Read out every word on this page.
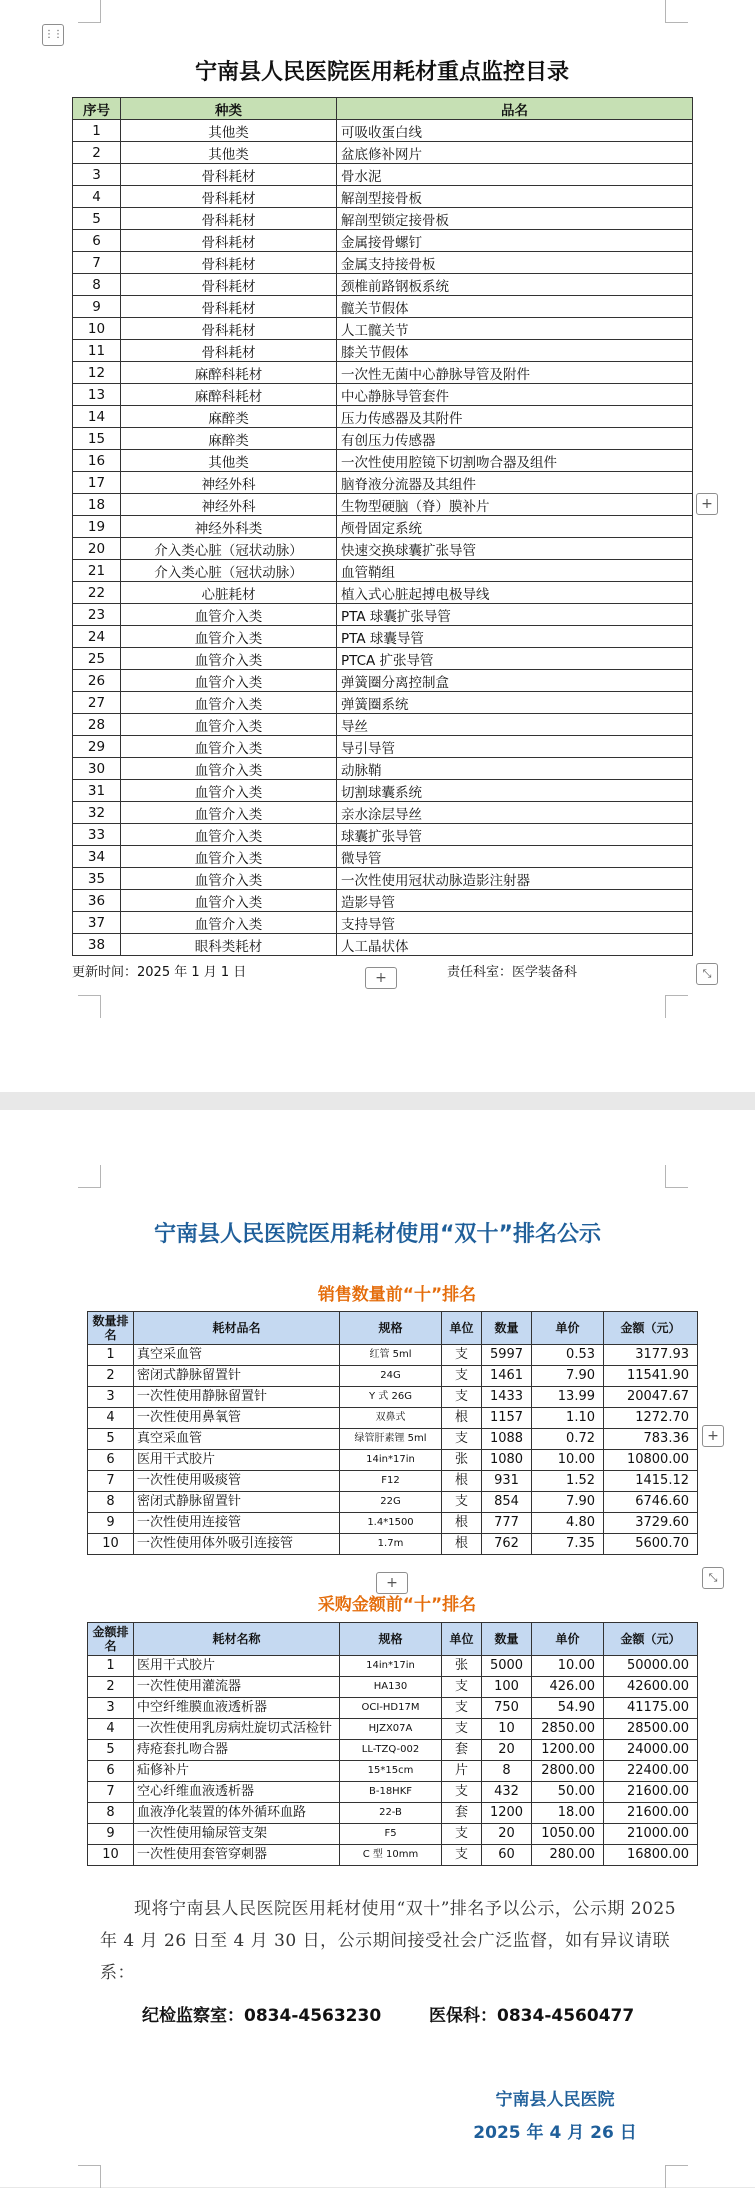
⋮⋮
宁南县人民医院医用耗材重点监控目录
序号	种类	品名
1	其他类	可吸收蛋白线
2	其他类	盆底修补网片
3	骨科耗材	骨水泥
4	骨科耗材	解剖型接骨板
5	骨科耗材	解剖型锁定接骨板
6	骨科耗材	金属接骨螺钉
7	骨科耗材	金属支持接骨板
8	骨科耗材	颈椎前路钢板系统
9	骨科耗材	髋关节假体
10	骨科耗材	人工髋关节
11	骨科耗材	膝关节假体
12	麻醉科耗材	一次性无菌中心静脉导管及附件
13	麻醉科耗材	中心静脉导管套件
14	麻醉类	压力传感器及其附件
15	麻醉类	有创压力传感器
16	其他类	一次性使用腔镜下切割吻合器及组件
17	神经外科	脑脊液分流器及其组件
18	神经外科	生物型硬脑（脊）膜补片
19	神经外科类	颅骨固定系统
20	介入类心脏（冠状动脉）	快速交换球囊扩张导管
21	介入类心脏（冠状动脉）	血管鞘组
22	心脏耗材	植入式心脏起搏电极导线
23	血管介入类	PTA 球囊扩张导管
24	血管介入类	PTA 球囊导管
25	血管介入类	PTCA 扩张导管
26	血管介入类	弹簧圈分离控制盒
27	血管介入类	弹簧圈系统
28	血管介入类	导丝
29	血管介入类	导引导管
30	血管介入类	动脉鞘
31	血管介入类	切割球囊系统
32	血管介入类	亲水涂层导丝
33	血管介入类	球囊扩张导管
34	血管介入类	微导管
35	血管介入类	一次性使用冠状动脉造影注射器
36	血管介入类	造影导管
37	血管介入类	支持导管
38	眼科类耗材	人工晶状体
+
更新时间：2025 年 1 月 1 日	责任科室：医学装备科
+	⤡
宁南县人民医院医用耗材使用“双十”排名公示
销售数量前“十”排名
数量排名	耗材品名	规格	单位	数量	单价	金额（元）
1	真空采血管	红管 5ml	支	5997	0.53	3177.93
2	密闭式静脉留置针	24G	支	1461	7.90	11541.90
3	一次性使用静脉留置针	Y 式 26G	支	1433	13.99	20047.67
4	一次性使用鼻氧管	双鼻式	根	1157	1.10	1272.70
5	真空采血管	绿管肝素锂 5ml	支	1088	0.72	783.36
6	医用干式胶片	14in*17in	张	1080	10.00	10800.00
7	一次性使用吸痰管	F12	根	931	1.52	1415.12
8	密闭式静脉留置针	22G	支	854	7.90	6746.60
9	一次性使用连接管	1.4*1500	根	777	4.80	3729.60
10	一次性使用体外吸引连接管	1.7m	根	762	7.35	5600.70
+
⤡
+
采购金额前“十”排名
金额排名	耗材名称	规格	单位	数量	单价	金额（元）
1	医用干式胶片	14in*17in	张	5000	10.00	50000.00
2	一次性使用灌流器	HA130	支	100	426.00	42600.00
3	中空纤维膜血液透析器	OCI-HD17M	支	750	54.90	41175.00
4	一次性使用乳房病灶旋切式活检针	HJZX07A	支	10	2850.00	28500.00
5	痔疮套扎吻合器	LL-TZQ-002	套	20	1200.00	24000.00
6	疝修补片	15*15cm	片	8	2800.00	22400.00
7	空心纤维血液透析器	B-18HKF	支	432	50.00	21600.00
8	血液净化装置的体外循环血路	22-B	套	1200	18.00	21600.00
9	一次性使用输尿管支架	F5	支	20	1050.00	21000.00
10	一次性使用套管穿刺器	C 型 10mm	支	60	280.00	16800.00
现将宁南县人民医院医用耗材使用“双十”排名予以公示，公示期 2025 年 4 月 26 日至 4 月 30 日，公示期间接受社会广泛监督，如有异议请联系：
纪检监察室：0834-4563230	医保科：0834-4560477
宁南县人民医院
2025 年 4 月 26 日
